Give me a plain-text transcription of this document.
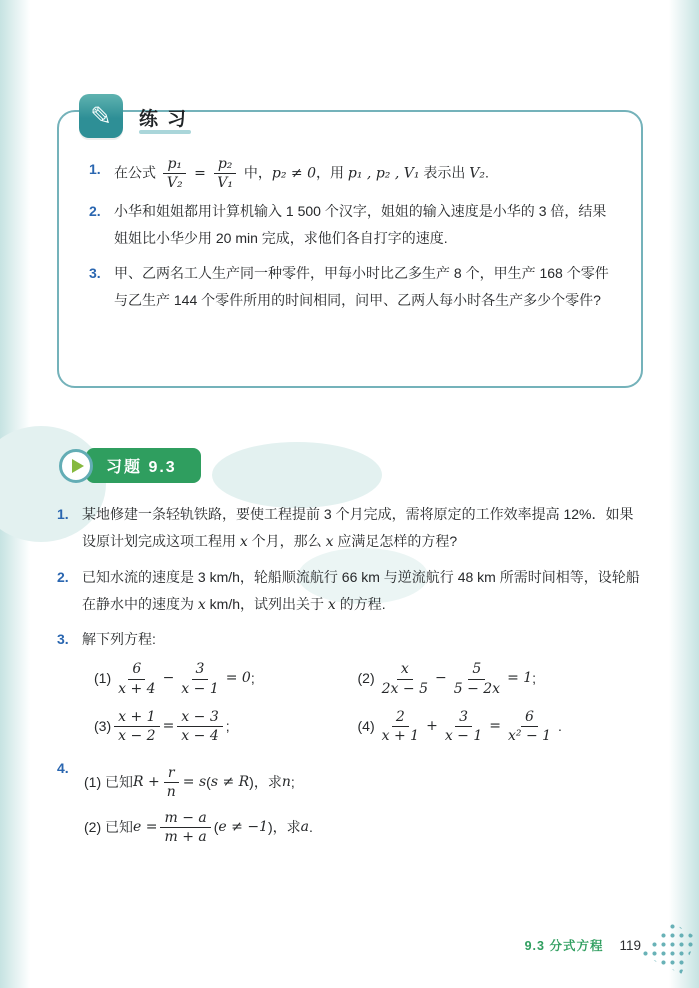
✎ 练习
1. 在公式 $\frac{\text{p₁}}{\text{V₂}} = \frac{\text{p₂}}{\text{V₁}}$ 中，p₂ ≠ 0，用 p₁ , p₂ , V₁ 表示出 V₂.
2. 小华和姐姐都用计算机输入 1 500 个汉字，姐姐的输入速度是小华的 3 倍，结果姐姐比小华少用 20 min 完成，求他们各自打字的速度.
3. 甲、乙两名工人生产同一种零件，甲每小时比乙多生产 8 个，甲生产 168 个零件与乙生产 144 个零件所用的时间相同，问甲、乙两人每小时各生产多少个零件?
习题 9.3
1. 某地修建一条轻轨铁路，要使工程提前 3 个月完成，需将原定的工作效率提高 12%．如果设原计划完成这项工程用 x 个月，那么 x 应满足怎样的方程?
2. 已知水流的速度是 3 km/h，轮船顺流航行 66 km 与逆流航行 48 km 所需时间相等，设轮船在静水中的速度为 x km/h，试列出关于 x 的方程.
3. 解下列方程:
$(1) \frac{6}{x + 4} - \frac{3}{x - 1} = 0$ ;	$(2) \frac{x}{2x - 5} - \frac{5}{5 - 2x} = 1$ ;
$(3) \frac{x + 1}{x - 2} = \frac{x - 3}{x - 4}$ ;	$(4) \frac{2}{x + 1} + \frac{3}{x - 1} = \frac{6}{\text{x² − 1}}$ .
4.
(1) 已知 $R + \frac{r}{n} = s$ ( s ≠ R )，求 n ;
(2) 已知 $e = \frac{m - a}{m + a}$ ( e ≠ −1 )，求 a .
9.3 分式方程 119
